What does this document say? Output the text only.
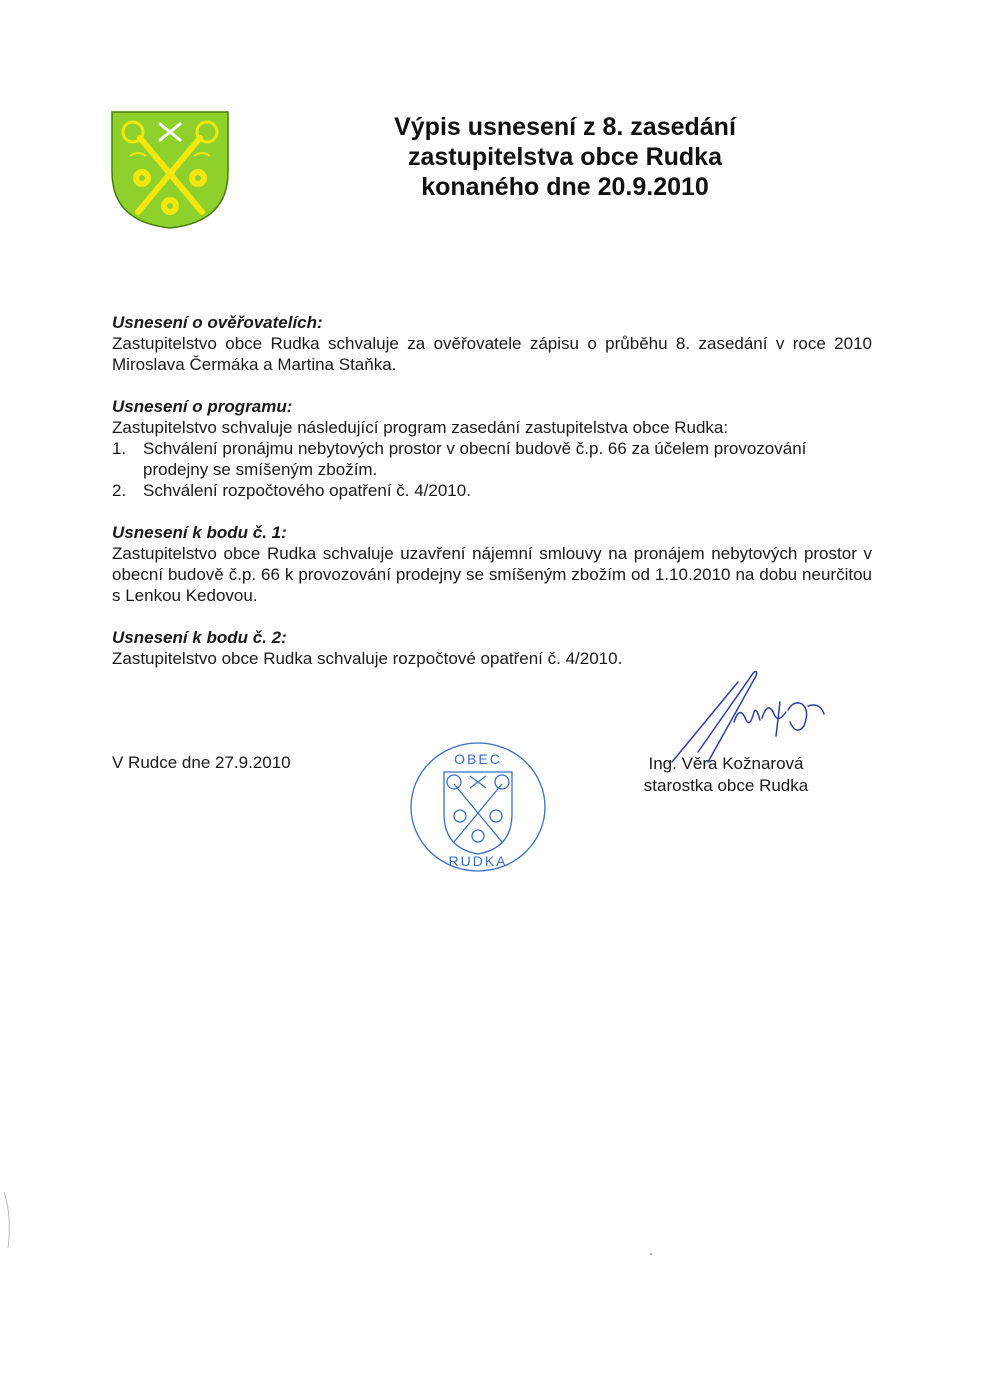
Výpis usnesení z 8. zasedání
zastupitelstva obce Rudka
konaného dne 20.9.2010

Usnesení o ověřovatelích:

Zastupitelstvo obce Rudka schvaluje za ověřovatele zápisu o průběhu 8. zasedání v roce 2010 Miroslava Čermáka a Martina Staňka.

Usnesení o programu:

Zastupitelstvo schvaluje následující program zasedání zastupitelstva obce Rudka:

1. Schválení pronájmu nebytových prostor v obecní budově č.p. 66 za účelem provozování prodejny se smíšeným zbožím.
2. Schválení rozpočtového opatření č. 4/2010.

Usnesení k bodu č. 1:

Zastupitelstvo obce Rudka schvaluje uzavření nájemní smlouvy na pronájem nebytových prostor v obecní budově č.p. 66 k provozování prodejny se smíšeným zbožím od 1.10.2010 na dobu neurčitou s Lenkou Kedovou.

Usnesení k bodu č. 2:

Zastupitelstvo obce Rudka schvaluje rozpočtové opatření č. 4/2010.

V Rudce dne 27.9.2010	OBEC
RUDKA
Ing. Věra Kožnarová
starostka obce Rudka
